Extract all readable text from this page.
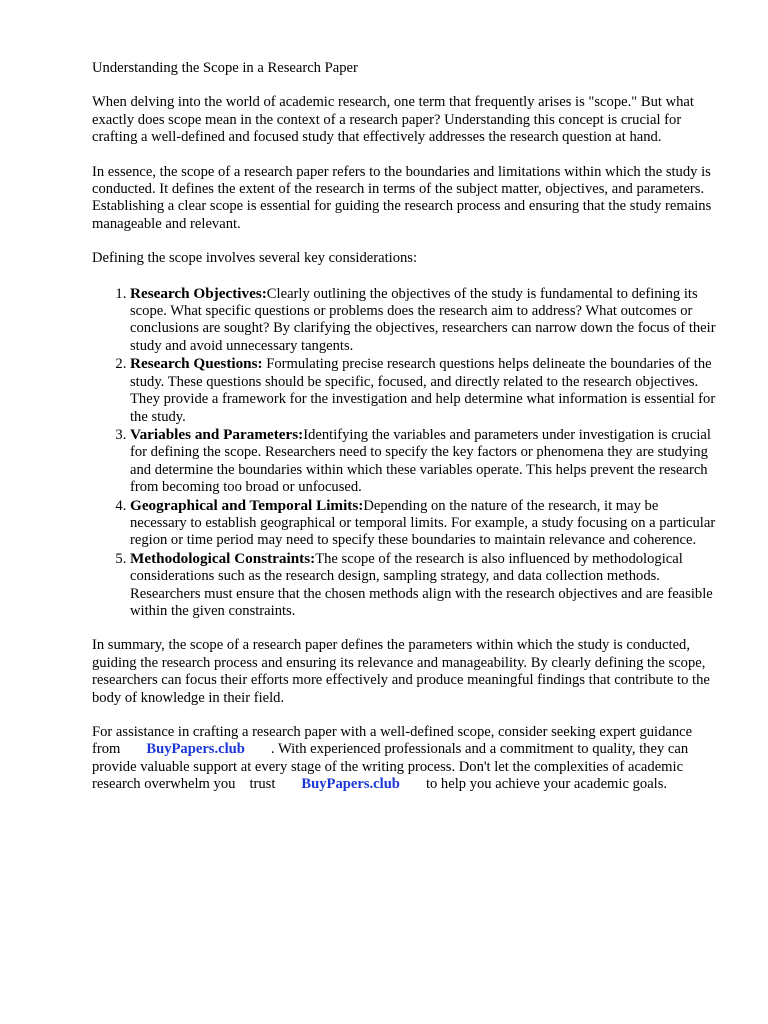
Understanding the Scope in a Research Paper

When delving into the world of academic research, one term that frequently arises is "scope." But what exactly does scope mean in the context of a research paper? Understanding this concept is crucial for crafting a well-defined and focused study that effectively addresses the research question at hand.

In essence, the scope of a research paper refers to the boundaries and limitations within which the study is conducted. It defines the extent of the research in terms of the subject matter, objectives, and parameters. Establishing a clear scope is essential for guiding the research process and ensuring that the study remains manageable and relevant.

Defining the scope involves several key considerations:

1. Research Objectives:Clearly outlining the objectives of the study is fundamental to defining its scope. What specific questions or problems does the research aim to address? What outcomes or conclusions are sought? By clarifying the objectives, researchers can narrow down the focus of their study and avoid unnecessary tangents.
2. Research Questions: Formulating precise research questions helps delineate the boundaries of the study. These questions should be specific, focused, and directly related to the research objectives. They provide a framework for the investigation and help determine what information is essential for the study.
3. Variables and Parameters:Identifying the variables and parameters under investigation is crucial for defining the scope. Researchers need to specify the key factors or phenomena they are studying and determine the boundaries within which these variables operate. This helps prevent the research from becoming too broad or unfocused.
4. Geographical and Temporal Limits:Depending on the nature of the research, it may be necessary to establish geographical or temporal limits. For example, a study focusing on a particular region or time period may need to specify these boundaries to maintain relevance and coherence.
5. Methodological Constraints:The scope of the research is also influenced by methodological considerations such as the research design, sampling strategy, and data collection methods. Researchers must ensure that the chosen methods align with the research objectives and are feasible within the given constraints.

In summary, the scope of a research paper defines the parameters within which the study is conducted, guiding the research process and ensuring its relevance and manageability. By clearly defining the scope, researchers can focus their efforts more effectively and produce meaningful findings that contribute to the body of knowledge in their field.

For assistance in crafting a research paper with a well-defined scope, consider seeking expert guidance from BuyPapers.club . With experienced professionals and a commitment to quality, they can provide valuable support at every stage of the writing process. Don't let the complexities of academic research overwhelm you trust BuyPapers.club to help you achieve your academic goals.
